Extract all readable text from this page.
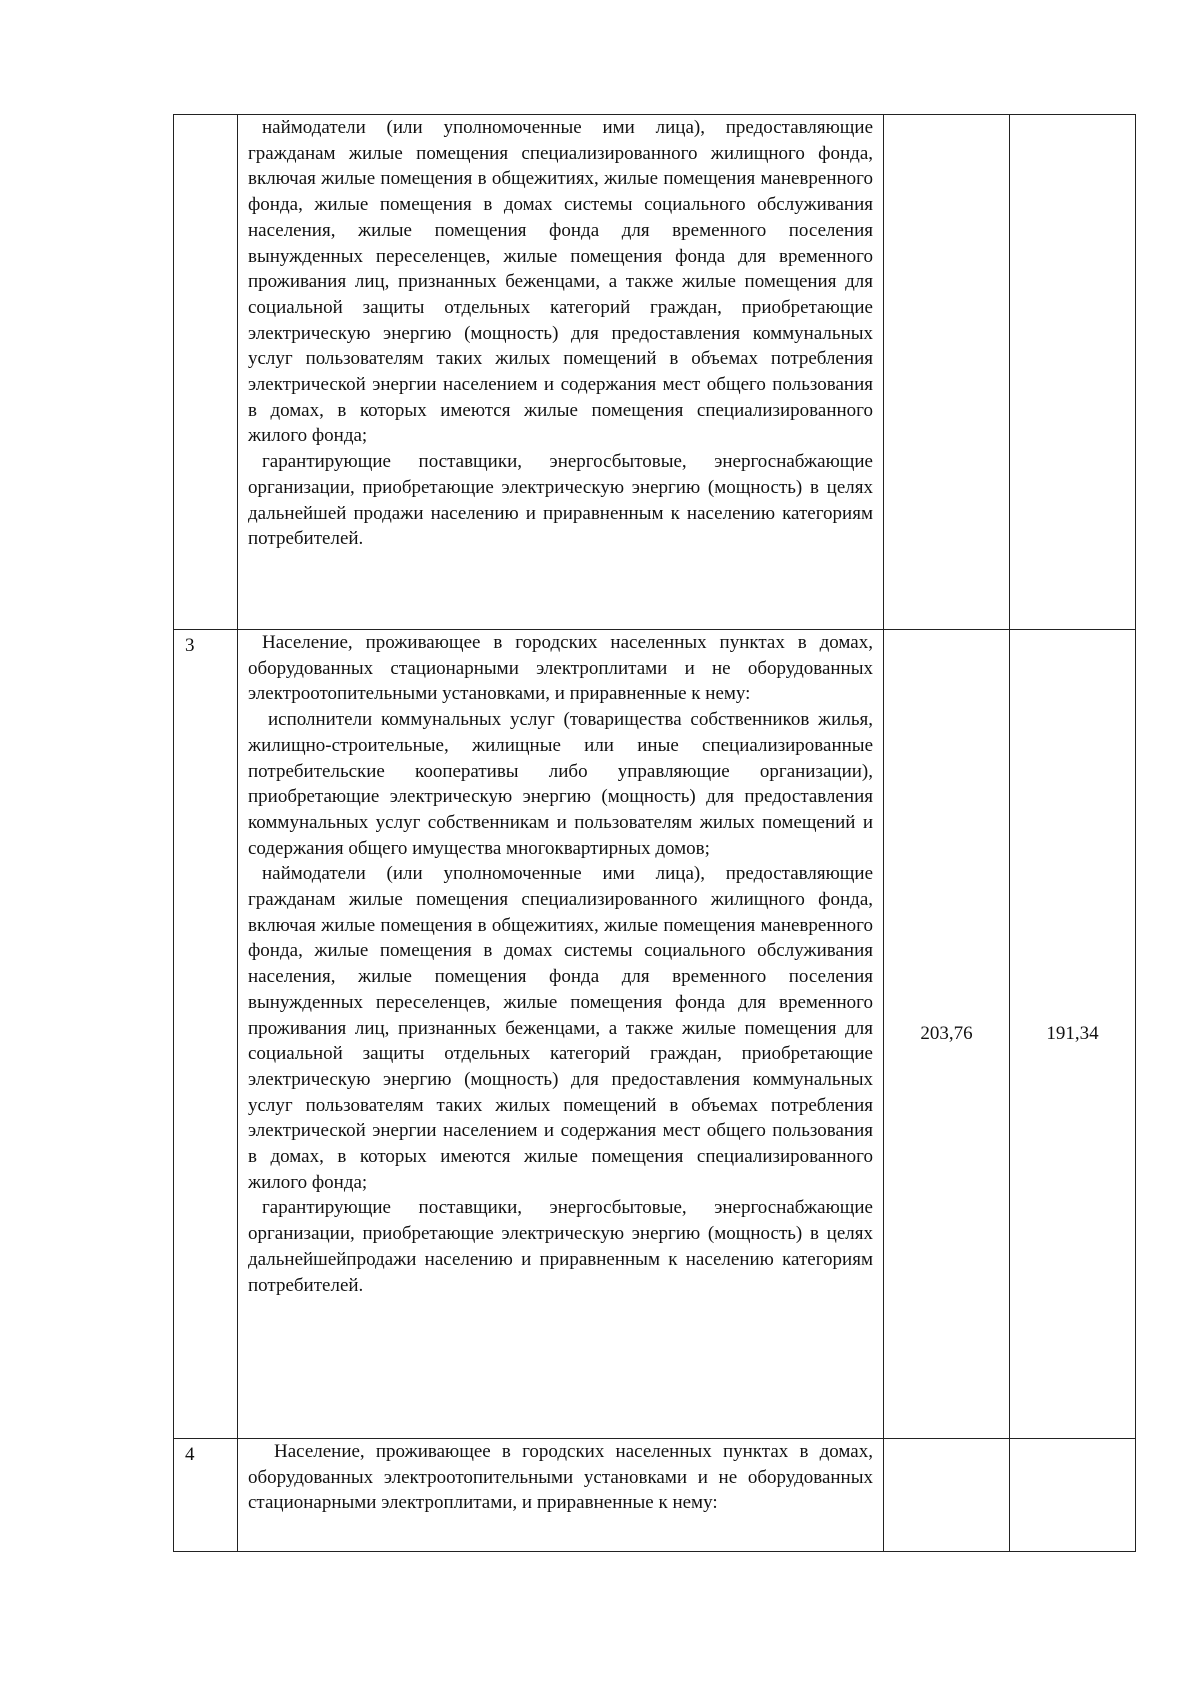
	наймодатели (или уполномоченные ими лица), предоставляющие гражданам жилые помещения специализированного жилищного фонда, включая жилые помещения в общежитиях, жилые помещения маневренного фонда, жилые помещения в домах системы социального обслуживания населения, жилые помещения фонда для временного поселения вынужденных переселенцев, жилые помещения фонда для временного проживания лиц, признанных беженцами, а также жилые помещения для социальной защиты отдельных категорий граждан, приобретающие электрическую энергию (мощность) для предоставления коммунальных услуг пользователям таких жилых помещений в объемах потребления электрической энергии населением и содержания мест общего пользования в домах, в которых имеются жилые помещения специализированного жилого фонда;
гарантирующие поставщики, энергосбытовые, энергоснабжающие организации, приобретающие электрическую энергию (мощность) в целях дальнейшей продажи населению и приравненным к населению категориям потребителей.		

3	Население, проживающее в городских населенных пунктах в домах, оборудованных стационарными электроплитами и не оборудованных электроотопительными установками, и приравненные к нему:
исполнители коммунальных услуг (товарищества собственников жилья, жилищно-строительные, жилищные или иные специализированные потребительские кооперативы либо управляющие организации), приобретающие электрическую энергию (мощность) для предоставления коммунальных услуг собственникам и пользователям жилых помещений и содержания общего имущества многоквартирных домов;
наймодатели (или уполномоченные ими лица), предоставляющие гражданам жилые помещения специализированного жилищного фонда, включая жилые помещения в общежитиях, жилые помещения маневренного фонда, жилые помещения в домах системы социального обслуживания населения, жилые помещения фонда для временного поселения вынужденных переселенцев, жилые помещения фонда для временного проживания лиц, признанных беженцами, а также жилые помещения для социальной защиты отдельных категорий граждан, приобретающие электрическую энергию (мощность) для предоставления коммунальных услуг пользователям таких жилых помещений в объемах потребления электрической энергии населением и содержания мест общего пользования в домах, в которых имеются жилые помещения специализированного жилого фонда;
гарантирующие поставщики, энергосбытовые, энергоснабжающие организации, приобретающие электрическую энергию (мощность) в целях дальнейшейпродажи населению и приравненным к населению категориям потребителей.	203,76	191,34

4	Население, проживающее в городских населенных пунктах в домах, оборудованных электроотопительными установками и не оборудованных стационарными электроплитами, и приравненные к нему:		
